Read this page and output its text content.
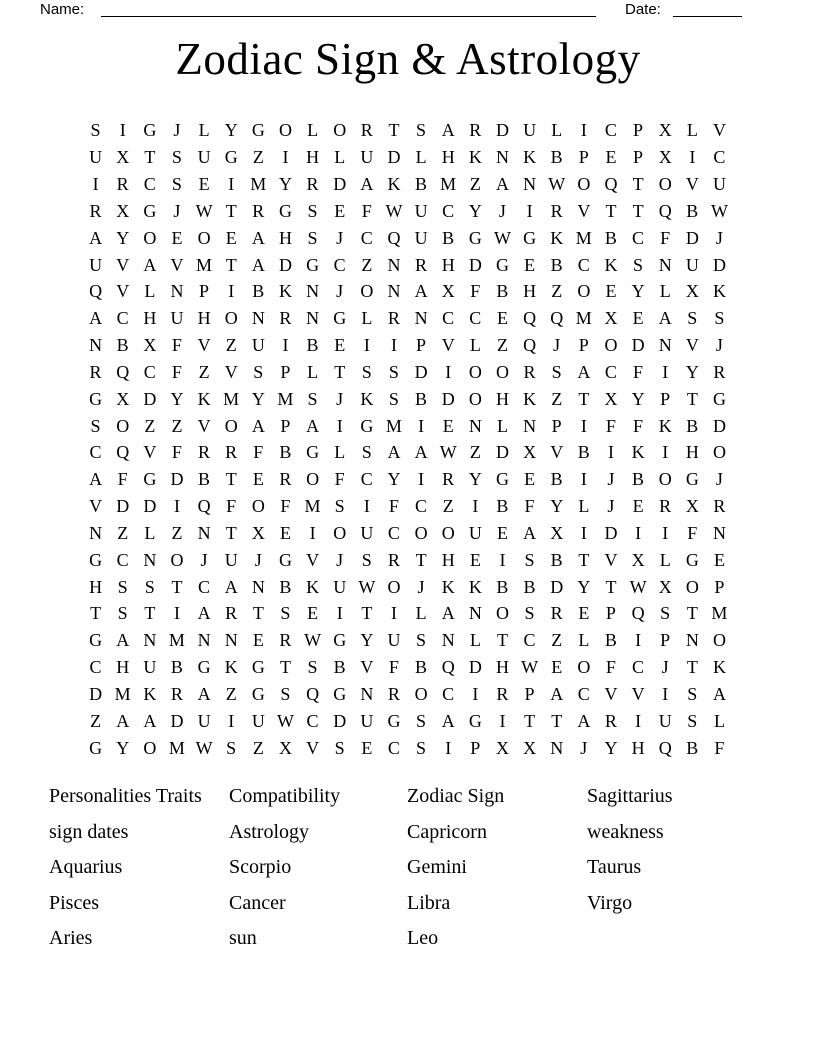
Name:	Date:
Zodiac Sign & Astrology
S	I G J	L Y G O L O R T S A R D U L	I	C P X L V
U X T S U G Z	I H L U D L H K N K B P E P X I	C
I	R C S E	I M Y R D A K B M Z A N W O Q T O V U
R X G J W T R G S E F W U C Y J	I	R V T T Q B W
A Y O E O E A H S	J C Q U B G W G K M B C F D J
U V A V M T A D G C Z N R H D G E B C K S N U D
Q V L N P	I	B K N J O N A X F B H Z O E Y L X K
A C H U H O N R N G L R N C C E Q Q M X E A S S
N B X F V Z U I	B E	I	I	P V L Z Q J	P O D N V J
R Q C F Z V S P L T S S D I O O R S A C F	I Y R
G X D Y K M Y M S	J K S B D O H K Z T X Y P T G
S O Z Z V O A P A I G M I	E N L N P	I	F F K B D
C Q V F R R F B G L S A A W Z D X V B	I K I H O
A F G D B T E R O F C Y I	R Y G E B	I	J B O G J
V D D I Q F O F M S	I	F C Z	I	B F Y L	J	E R X R
N Z L Z N T X E	I O U C O O U E A X I D I	I	F N
G C N O J U J G V J	S R T H E	I	S B T V X L G E
H S S T C A N B K U W O J K K B B D Y T W X O P
T S T	I A R T S E	I	T	I	L A N O S R E P Q S T M
G A N M N N E R W G Y U S N L T C Z L B	I	P N O
C H U B G K G T S B V F B Q D H W E O F C J	T K
D M K R A Z G S Q G N R O C	I	R P A C V V I	S A
Z A A D U I U W C D U G S A G I	T T A R	I U S L
G Y O M W S Z X V S E C S	I	P X X N J Y H Q B F
Personalities Traits
sign dates
Aquarius
Pisces
Aries
Compatibility
Astrology
Scorpio
Cancer
sun
Zodiac Sign
Capricorn
Gemini
Libra
Leo
Sagittarius
weakness
Taurus
Virgo
